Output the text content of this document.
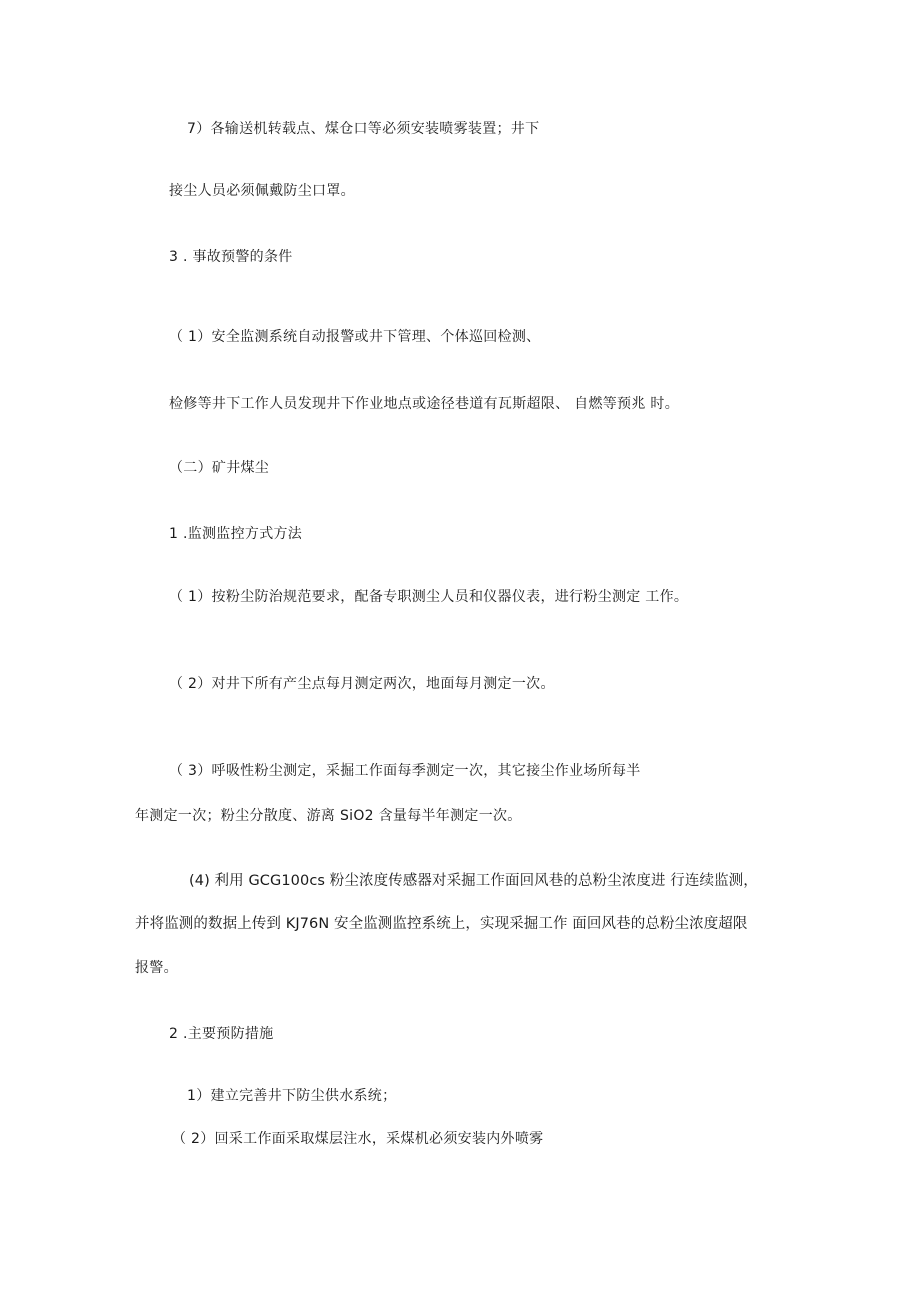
7）各输送机转载点、煤仓口等必须安装喷雾装置；井下
接尘人员必须佩戴防尘口罩。
3 . 事故预警的条件
（ 1）安全监测系统自动报警或井下管理、个体巡回检测、
检修等井下工作人员发现井下作业地点或途径巷道有瓦斯超限、 自燃等预兆 时。
（二）矿井煤尘
1 .监测监控方式方法
（ 1）按粉尘防治规范要求，配备专职测尘人员和仪器仪表，进行粉尘测定 工作。
（ 2）对井下所有产尘点每月测定两次，地面每月测定一次。
（ 3）呼吸性粉尘测定，采掘工作面每季测定一次，其它接尘作业场所每半
年测定一次；粉尘分散度、游离 SiO2 含量每半年测定一次。
(4) 利用 GCG100cs 粉尘浓度传感器对采掘工作面回风巷的总粉尘浓度进 行连续监测，
并将监测的数据上传到 KJ76N 安全监测监控系统上，实现采掘工作 面回风巷的总粉尘浓度超限
报警。
2 .主要预防措施
1）建立完善井下防尘供水系统；
（ 2）回采工作面采取煤层注水，采煤机必须安装内外喷雾
